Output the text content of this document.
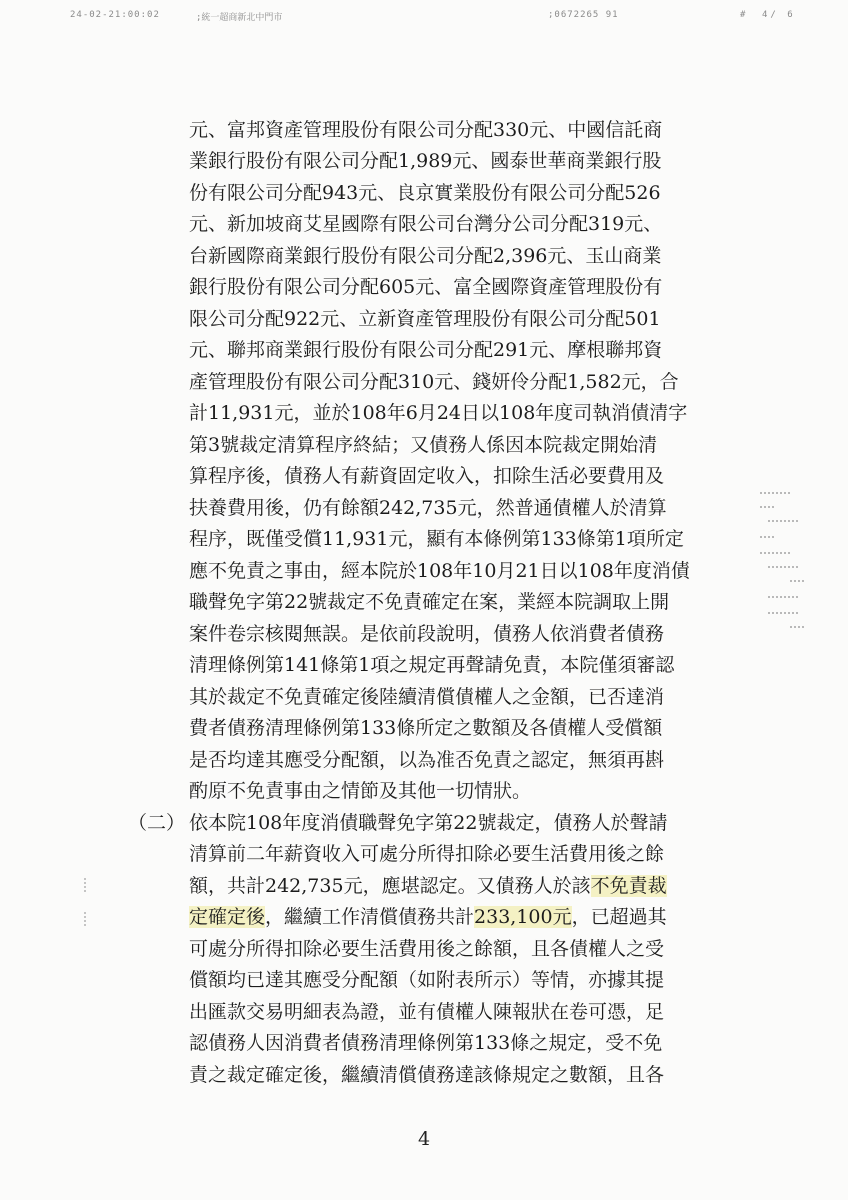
24-02-21:00:02	;統一超商新北中門市	;0672265 91	# 4/ 6
元、富邦資產管理股份有限公司分配330元、中國信託商
業銀行股份有限公司分配1,989元、國泰世華商業銀行股
份有限公司分配943元、良京實業股份有限公司分配526
元、新加坡商艾星國際有限公司台灣分公司分配319元、
台新國際商業銀行股份有限公司分配2,396元、玉山商業
銀行股份有限公司分配605元、富全國際資產管理股份有
限公司分配922元、立新資產管理股份有限公司分配501
元、聯邦商業銀行股份有限公司分配291元、摩根聯邦資
產管理股份有限公司分配310元、錢妍伶分配1,582元，合
計11,931元，並於108年6月24日以108年度司執消債清字
第3號裁定清算程序終結；又債務人係因本院裁定開始清
算程序後，債務人有薪資固定收入，扣除生活必要費用及
扶養費用後，仍有餘額242,735元，然普通債權人於清算
程序，既僅受償11,931元，顯有本條例第133條第1項所定
應不免責之事由，經本院於108年10月21日以108年度消債
職聲免字第22號裁定不免責確定在案，業經本院調取上開
案件卷宗核閱無誤。是依前段說明，債務人依消費者債務
清理條例第141條第1項之規定再聲請免責，本院僅須審認
其於裁定不免責確定後陸續清償債權人之金額，已否達消
費者債務清理條例第133條所定之數額及各債權人受償額
是否均達其應受分配額，以為准否免責之認定，無須再斟
酌原不免責事由之情節及其他一切情狀。
（二） 依本院108年度消債職聲免字第22號裁定，債務人於聲請
清算前二年薪資收入可處分所得扣除必要生活費用後之餘
額，共計242,735元，應堪認定。又債務人於該不免責裁
定確定後，繼續工作清償債務共計233,100元，已超過其
可處分所得扣除必要生活費用後之餘額，且各債權人之受
償額均已達其應受分配額（如附表所示）等情，亦據其提
出匯款交易明細表為證，並有債權人陳報狀在卷可憑，足
認債務人因消費者債務清理條例第133條之規定，受不免
責之裁定確定後，繼續清償債務達該條規定之數額，且各
4
